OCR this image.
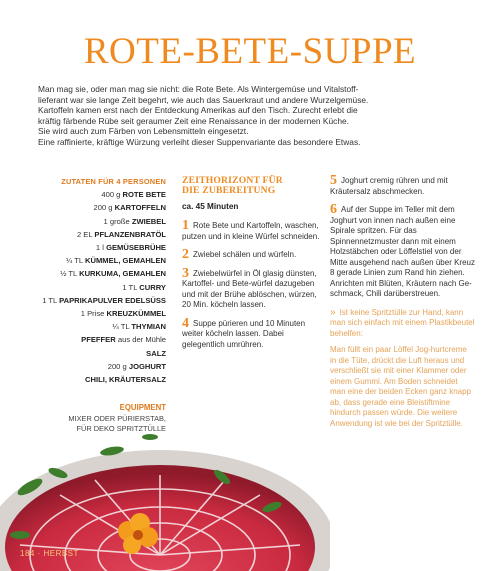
ROTE-BETE-SUPPE

Man mag sie, oder man mag sie nicht: die Rote Bete. Als Wintergemüse und Vitalstoff-

lieferant war sie lange Zeit begehrt, wie auch das Sauerkraut und andere Wurzelgemüse.

Kartoffeln kamen erst nach der Entdeckung Amerikas auf den Tisch. Zurecht erlebt die

kräftig färbende Rübe seit geraumer Zeit eine Renaissance in der modernen Küche.

Sie wird auch zum Färben von Lebensmitteln eingesetzt.

Eine raffinierte, kräftige Würzung verleiht dieser Suppenvariante das besondere Etwas.

ZUTATEN FÜR 4 PERSONEN
400 g ROTE BETE
200 g KARTOFFELN
1 große ZWIEBEL
2 EL PFLANZENBRATÖL
1 l GEMÜSEBRÜHE
¼ TL KÜMMEL, GEMAHLEN
½ TL KURKUMA, GEMAHLEN
1 TL CURRY
1 TL PAPRIKAPULVER EDELSÜSS
1 Prise KREUZKÜMMEL
¼ TL THYMIAN
PFEFFER aus der Mühle
SALZ
200 g JOGHURT
CHILI, KRÄUTERSALZ
EQUIPMENT
MIXER ODER PÜRIERSTAB,
FÜR DEKO SPRITZTÜLLE
ZEITHORIZONT FÜR
DIE ZUBEREITUNG
ca. 45 Minuten
1 Rote Bete und Kartoffeln, waschen, putzen und in kleine Würfel schneiden.
2 Zwiebel schälen und würfeln.
3 Zwiebelwürfel in Öl glasig dünsten, Kartoffel- und Bete-würfel dazugeben und mit der Brühe ablöschen, würzen, 20 Min. köcheln lassen.
4 Suppe pürieren und 10 Minuten weiter köcheln lassen. Dabei gelegentlich umrühren.
5 Joghurt cremig rühren und mit Kräutersalz abschmecken.
6 Auf der Suppe im Teller mit dem Joghurt von innen nach außen eine Spirale spritzen. Für das Spinnennetzmuster dann mit einem Holzstäbchen oder Löffelstiel von der Mitte ausgehend nach außen über Kreuz 8 gerade Linien zum Rand hin ziehen. Anrichten mit Blüten, Kräutern nach Ge-schmack, Chili darüberstreuen.

» Ist keine Spritztülle zur Hand, kann man sich einfach mit einem Plastikbeutel behelfen:

Man füllt ein paar Löffel Jog-hurtcreme in die Tüte, drückt die Luft heraus und verschließt sie mit einer Klammer oder einem Gummi. Am Boden schneidet man eine der beiden Ecken ganz knapp ab, dass gerade eine Bleistiftmine hindurch passen würde. Die weitere Anwendung ist wie bei der Spritztülle.

184 · HERBST
